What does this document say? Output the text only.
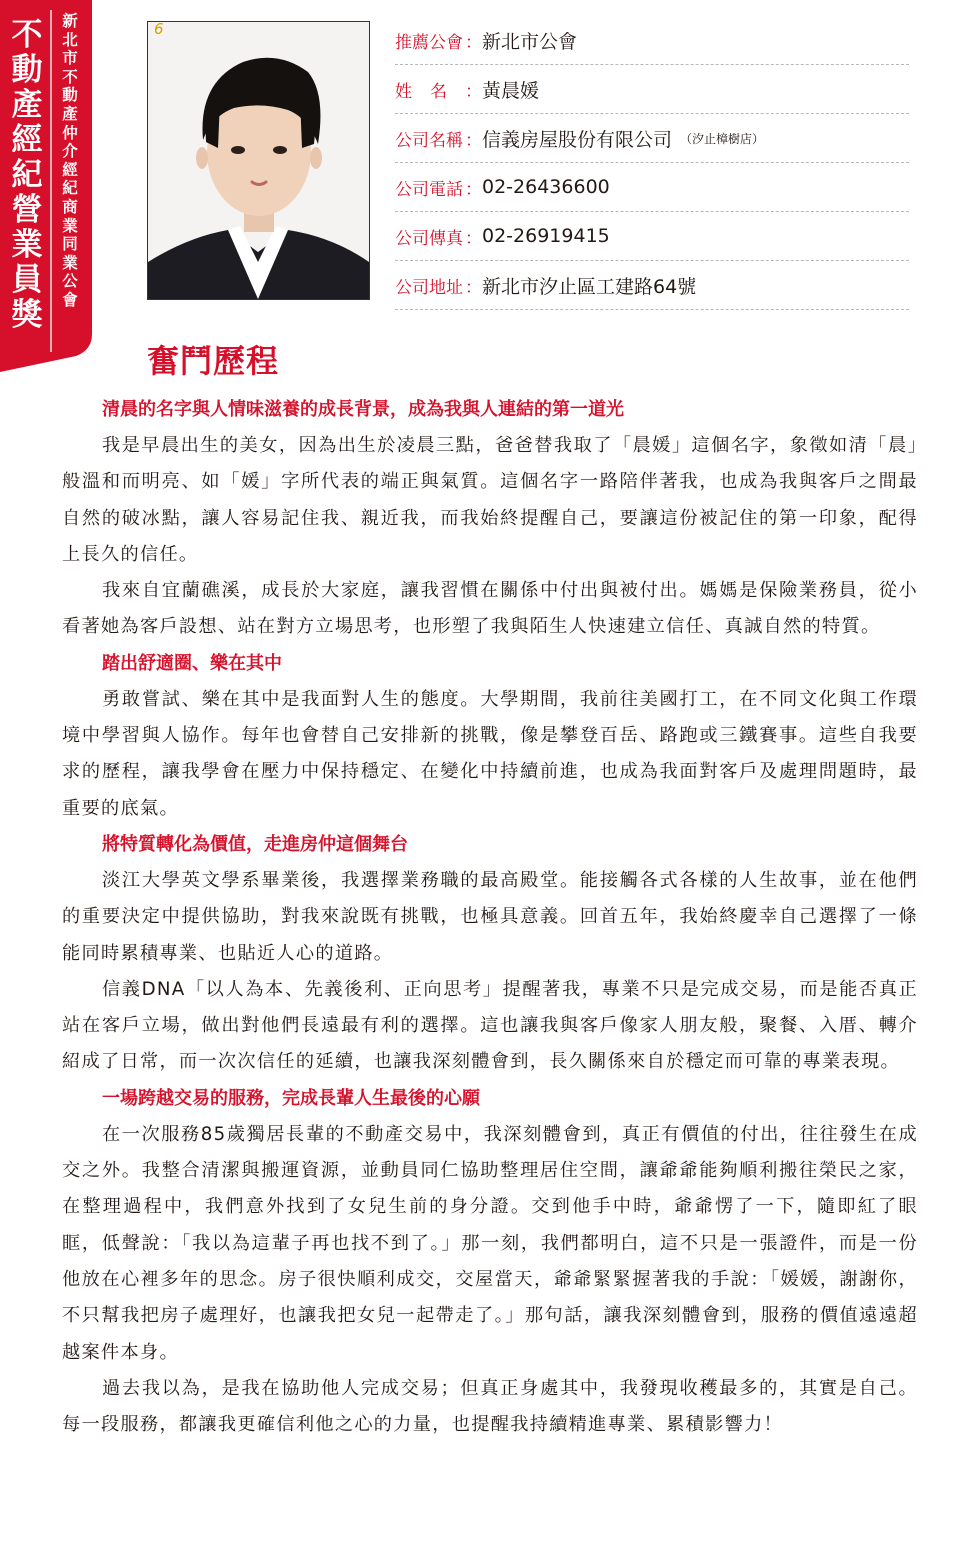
不動產經紀營業員獎
新北市不動產仲介經紀商業同業公會
6
推薦公會 ： 新北市公會
姓 名 ： 黃晨媛
公司名稱 ： 信義房屋股份有限公司 （汐止樟樹店）
公司電話 ： 02-26436600
公司傳真 ： 02-26919415
公司地址 ： 新北市汐止區工建路64號
奮鬥歷程
清晨的名字與人情味滋養的成長背景，成為我與人連結的第一道光

我是早晨出生的美女，因為出生於凌晨三點，爸爸替我取了「晨媛」這個名字，象徵如清「晨」般溫和而明亮、如「媛」字所代表的端正與氣質。這個名字一路陪伴著我，也成為我與客戶之間最自然的破冰點，讓人容易記住我、親近我，而我始終提醒自己，要讓這份被記住的第一印象，配得上長久的信任。

我來自宜蘭礁溪，成長於大家庭，讓我習慣在關係中付出與被付出。媽媽是保險業務員，從小看著她為客戶設想、站在對方立場思考，也形塑了我與陌生人快速建立信任、真誠自然的特質。

踏出舒適圈、樂在其中

勇敢嘗試、樂在其中是我面對人生的態度。大學期間，我前往美國打工，在不同文化與工作環境中學習與人協作。每年也會替自己安排新的挑戰，像是攀登百岳、路跑或三鐵賽事。這些自我要求的歷程，讓我學會在壓力中保持穩定、在變化中持續前進，也成為我面對客戶及處理問題時，最重要的底氣。

將特質轉化為價值，走進房仲這個舞台

淡江大學英文學系畢業後，我選擇業務職的最高殿堂。能接觸各式各樣的人生故事，並在他們的重要決定中提供協助，對我來說既有挑戰，也極具意義。回首五年，我始終慶幸自己選擇了一條能同時累積專業、也貼近人心的道路。

信義DNA「以人為本、先義後利、正向思考」提醒著我，專業不只是完成交易，而是能否真正站在客戶立場，做出對他們長遠最有利的選擇。這也讓我與客戶像家人朋友般，聚餐、入厝、轉介紹成了日常，而一次次信任的延續，也讓我深刻體會到，長久關係來自於穩定而可靠的專業表現。

一場跨越交易的服務，完成長輩人生最後的心願

在一次服務85歲獨居長輩的不動產交易中，我深刻體會到，真正有價值的付出，往往發生在成交之外。我整合清潔與搬運資源，並動員同仁協助整理居住空間，讓爺爺能夠順利搬往榮民之家，在整理過程中，我們意外找到了女兒生前的身分證。交到他手中時，爺爺愣了一下，隨即紅了眼眶，低聲說：「我以為這輩子再也找不到了。」那一刻，我們都明白，這不只是一張證件，而是一份他放在心裡多年的思念。房子很快順利成交，交屋當天，爺爺緊緊握著我的手說：「媛媛，謝謝你，不只幫我把房子處理好，也讓我把女兒一起帶走了。」那句話，讓我深刻體會到，服務的價值遠遠超越案件本身。

過去我以為，是我在協助他人完成交易；但真正身處其中，我發現收穫最多的，其實是自己。每一段服務，都讓我更確信利他之心的力量，也提醒我持續精進專業、累積影響力！
